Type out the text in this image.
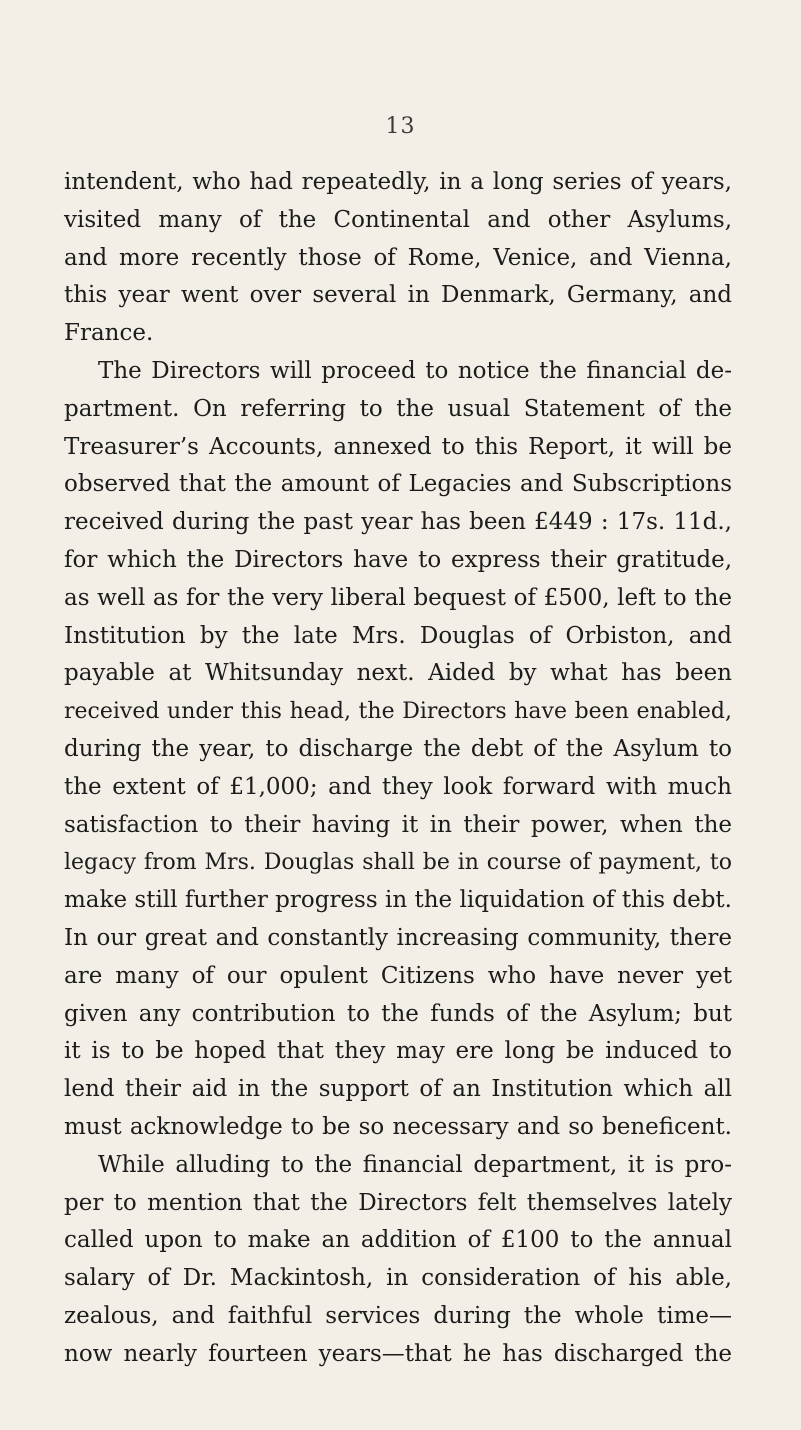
13
intendent, who had repeatedly, in a long series of years,
visited many of the Continental and other Asylums,
and more recently those of Rome, Venice, and Vienna,
this year went over several in Denmark, Germany, and
France.
The Directors will proceed to notice the financial de-
partment. On referring to the usual Statement of the
Treasurer’s Accounts, annexed to this Report, it will be
observed that the amount of Legacies and Subscriptions
received during the past year has been £449 : 17s. 11d.,
for which the Directors have to express their gratitude,
as well as for the very liberal bequest of £500, left to the
Institution by the late Mrs. Douglas of Orbiston, and
payable at Whitsunday next. Aided by what has been
received under this head, the Directors have been enabled,
during the year, to discharge the debt of the Asylum to
the extent of £1,000; and they look forward with much
satisfaction to their having it in their power, when the
legacy from Mrs. Douglas shall be in course of payment, to
make still further progress in the liquidation of this debt.
In our great and constantly increasing community, there
are many of our opulent Citizens who have never yet
given any contribution to the funds of the Asylum; but
it is to be hoped that they may ere long be induced to
lend their aid in the support of an Institution which all
must acknowledge to be so necessary and so beneficent.
While alluding to the financial department, it is pro-
per to mention that the Directors felt themselves lately
called upon to make an addition of £100 to the annual
salary of Dr. Mackintosh, in consideration of his able,
zealous, and faithful services during the whole time—
now nearly fourteen years—that he has discharged the
